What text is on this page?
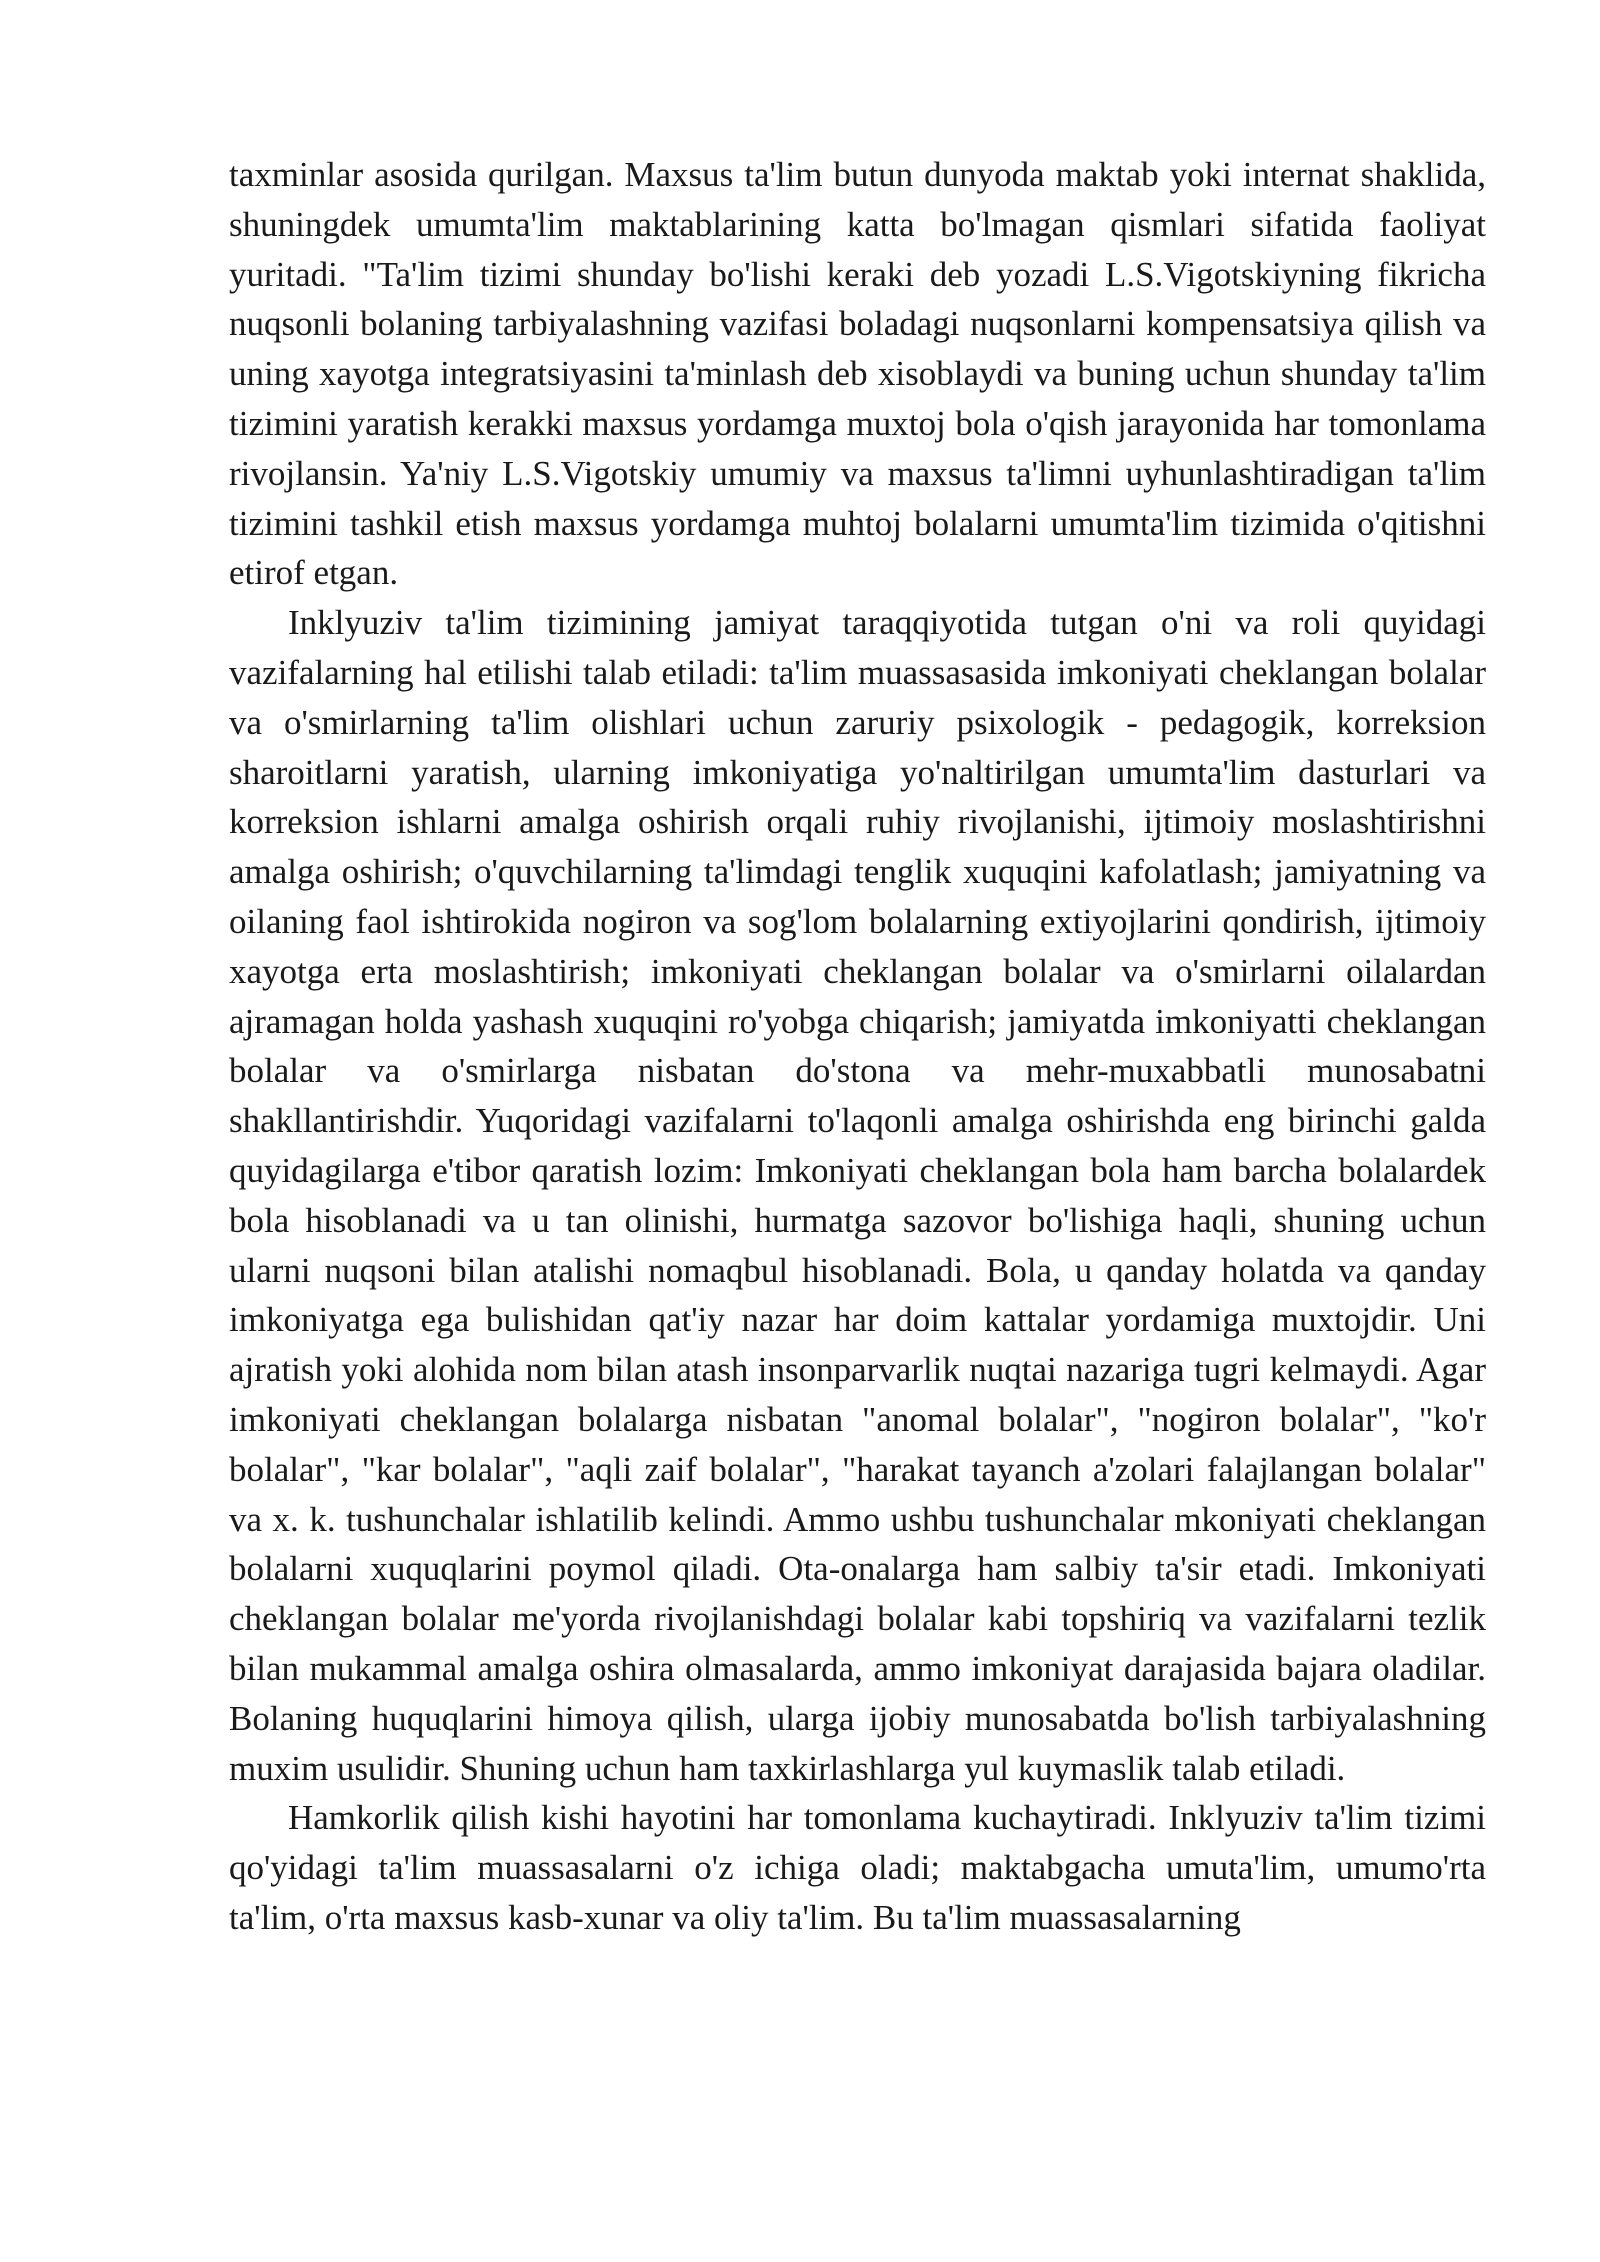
taxminlar asosida qurilgan. Maxsus ta'lim butun dunyoda maktab yoki internat shaklida, shuningdek umumta'lim maktablarining katta bo'lmagan qismlari sifatida faoliyat yuritadi. "Ta'lim tizimi shunday bo'lishi keraki deb yozadi L.S.Vigotskiyning fikricha nuqsonli bolaning tarbiyalashning vazifasi boladagi nuqsonlarni kompensatsiya qilish va uning xayotga integratsiyasini ta'minlash deb xisoblaydi va buning uchun shunday ta'lim tizimini yaratish kerakki maxsus yordamga muxtoj bola o'qish jarayonida har tomonlama rivojlansin. Ya'niy L.S.Vigotskiy umumiy va maxsus ta'limni uyhunlashtiradigan ta'lim tizimini tashkil etish maxsus yordamga muhtoj bolalarni umumta'lim tizimida o'qitishni etirof etgan.

Inklyuziv ta'lim tizimining jamiyat taraqqiyotida tutgan o'ni va roli quyidagi vazifalarning hal etilishi talab etiladi: ta'lim muassasasida imkoniyati cheklangan bolalar va o'smirlarning ta'lim olishlari uchun zaruriy psixologik - pedagogik, korreksion sharoitlarni yaratish, ularning imkoniyatiga yo'naltirilgan umumta'lim dasturlari va korreksion ishlarni amalga oshirish orqali ruhiy rivojlanishi, ijtimoiy moslashtirishni amalga oshirish; o'quvchilarning ta'limdagi tenglik xuquqini kafolatlash; jamiyatning va oilaning faol ishtirokida nogiron va sog'lom bolalarning extiyojlarini qondirish, ijtimoiy xayotga erta moslashtirish; imkoniyati cheklangan bolalar va o'smirlarni oilalardan ajramagan holda yashash xuquqini ro'yobga chiqarish; jamiyatda imkoniyatti cheklangan bolalar va o'smirlarga nisbatan do'stona va mehr-muxabbatli munosabatni shakllantirishdir. Yuqoridagi vazifalarni to'laqonli amalga oshirishda eng birinchi galda quyidagilarga e'tibor qaratish lozim: Imkoniyati cheklangan bola ham barcha bolalardek bola hisoblanadi va u tan olinishi, hurmatga sazovor bo'lishiga haqli, shuning uchun ularni nuqsoni bilan atalishi nomaqbul hisoblanadi. Bola, u qanday holatda va qanday imkoniyatga ega bulishidan qat'iy nazar har doim kattalar yordamiga muxtojdir. Uni ajratish yoki alohida nom bilan atash insonparvarlik nuqtai nazariga tugri kelmaydi. Agar imkoniyati cheklangan bolalarga nisbatan "anomal bolalar", "nogiron bolalar", "ko'r bolalar", "kar bolalar", "aqli zaif bolalar", "harakat tayanch a'zolari falajlangan bolalar" va x. k. tushunchalar ishlatilib kelindi. Ammo ushbu tushunchalar mkoniyati cheklangan bolalarni xuquqlarini poymol qiladi. Ota-onalarga ham salbiy ta'sir etadi. Imkoniyati cheklangan bolalar me'yorda rivojlanishdagi bolalar kabi topshiriq va vazifalarni tezlik bilan mukammal amalga oshira olmasalarda, ammo imkoniyat darajasida bajara oladilar. Bolaning huquqlarini himoya qilish, ularga ijobiy munosabatda bo'lish tarbiyalashning muxim usulidir. Shuning uchun ham taxkirlashlarga yul kuymaslik talab etiladi.

Hamkorlik qilish kishi hayotini har tomonlama kuchaytiradi. Inklyuziv ta'lim tizimi qo'yidagi ta'lim muassasalarni o'z ichiga oladi; maktabgacha umuta'lim, umumo'rta ta'lim, o'rta maxsus kasb-xunar va oliy ta'lim. Bu ta'lim muassasalarning
